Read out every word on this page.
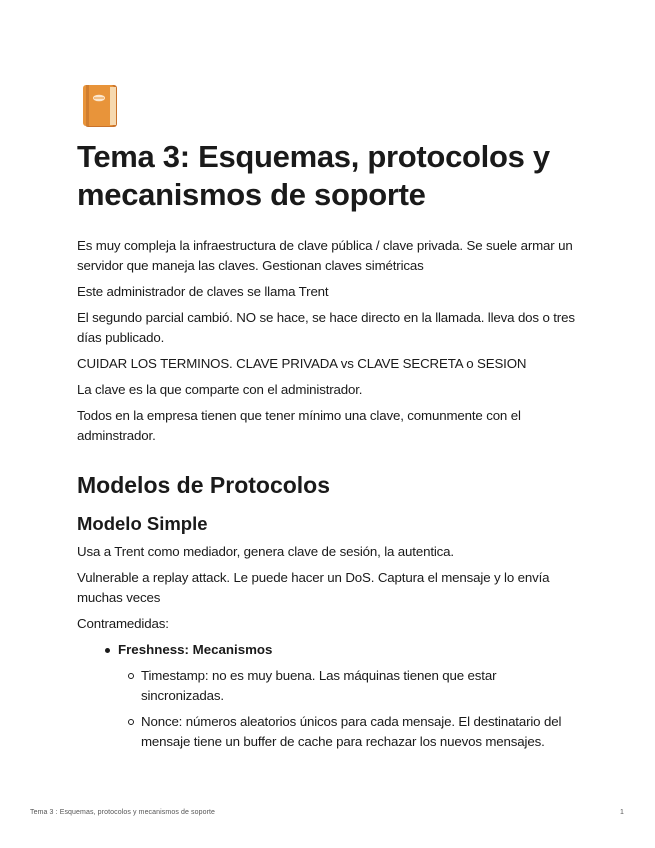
Tema 3: Esquemas, protocolos y mecanismos de soporte

Es muy compleja la infraestructura de clave pública / clave privada. Se suele armar un servidor que maneja las claves. Gestionan claves simétricas

Este administrador de claves se llama Trent

El segundo parcial cambió. NO se hace, se hace directo en la llamada. lleva dos o tres días publicado.

CUIDAR LOS TERMINOS. CLAVE PRIVADA vs CLAVE SECRETA o SESION

La clave es la que comparte con el administrador.

Todos en la empresa tienen que tener mínimo una clave, comunmente con el adminstrador.

Modelos de Protocolos
Modelo Simple

Usa a Trent como mediador, genera clave de sesión, la autentica.

Vulnerable a replay attack. Le puede hacer un DoS. Captura el mensaje y lo envía muchas veces

Contramedidas:

Freshness: Mecanismos
Timestamp: no es muy buena. Las máquinas tienen que estar sincronizadas.
Nonce: números aleatorios únicos para cada mensaje. El destinatario del mensaje tiene un buffer de cache para rechazar los nuevos mensajes.
Tema 3 : Esquemas, protocolos y mecanismos de soporte	1
